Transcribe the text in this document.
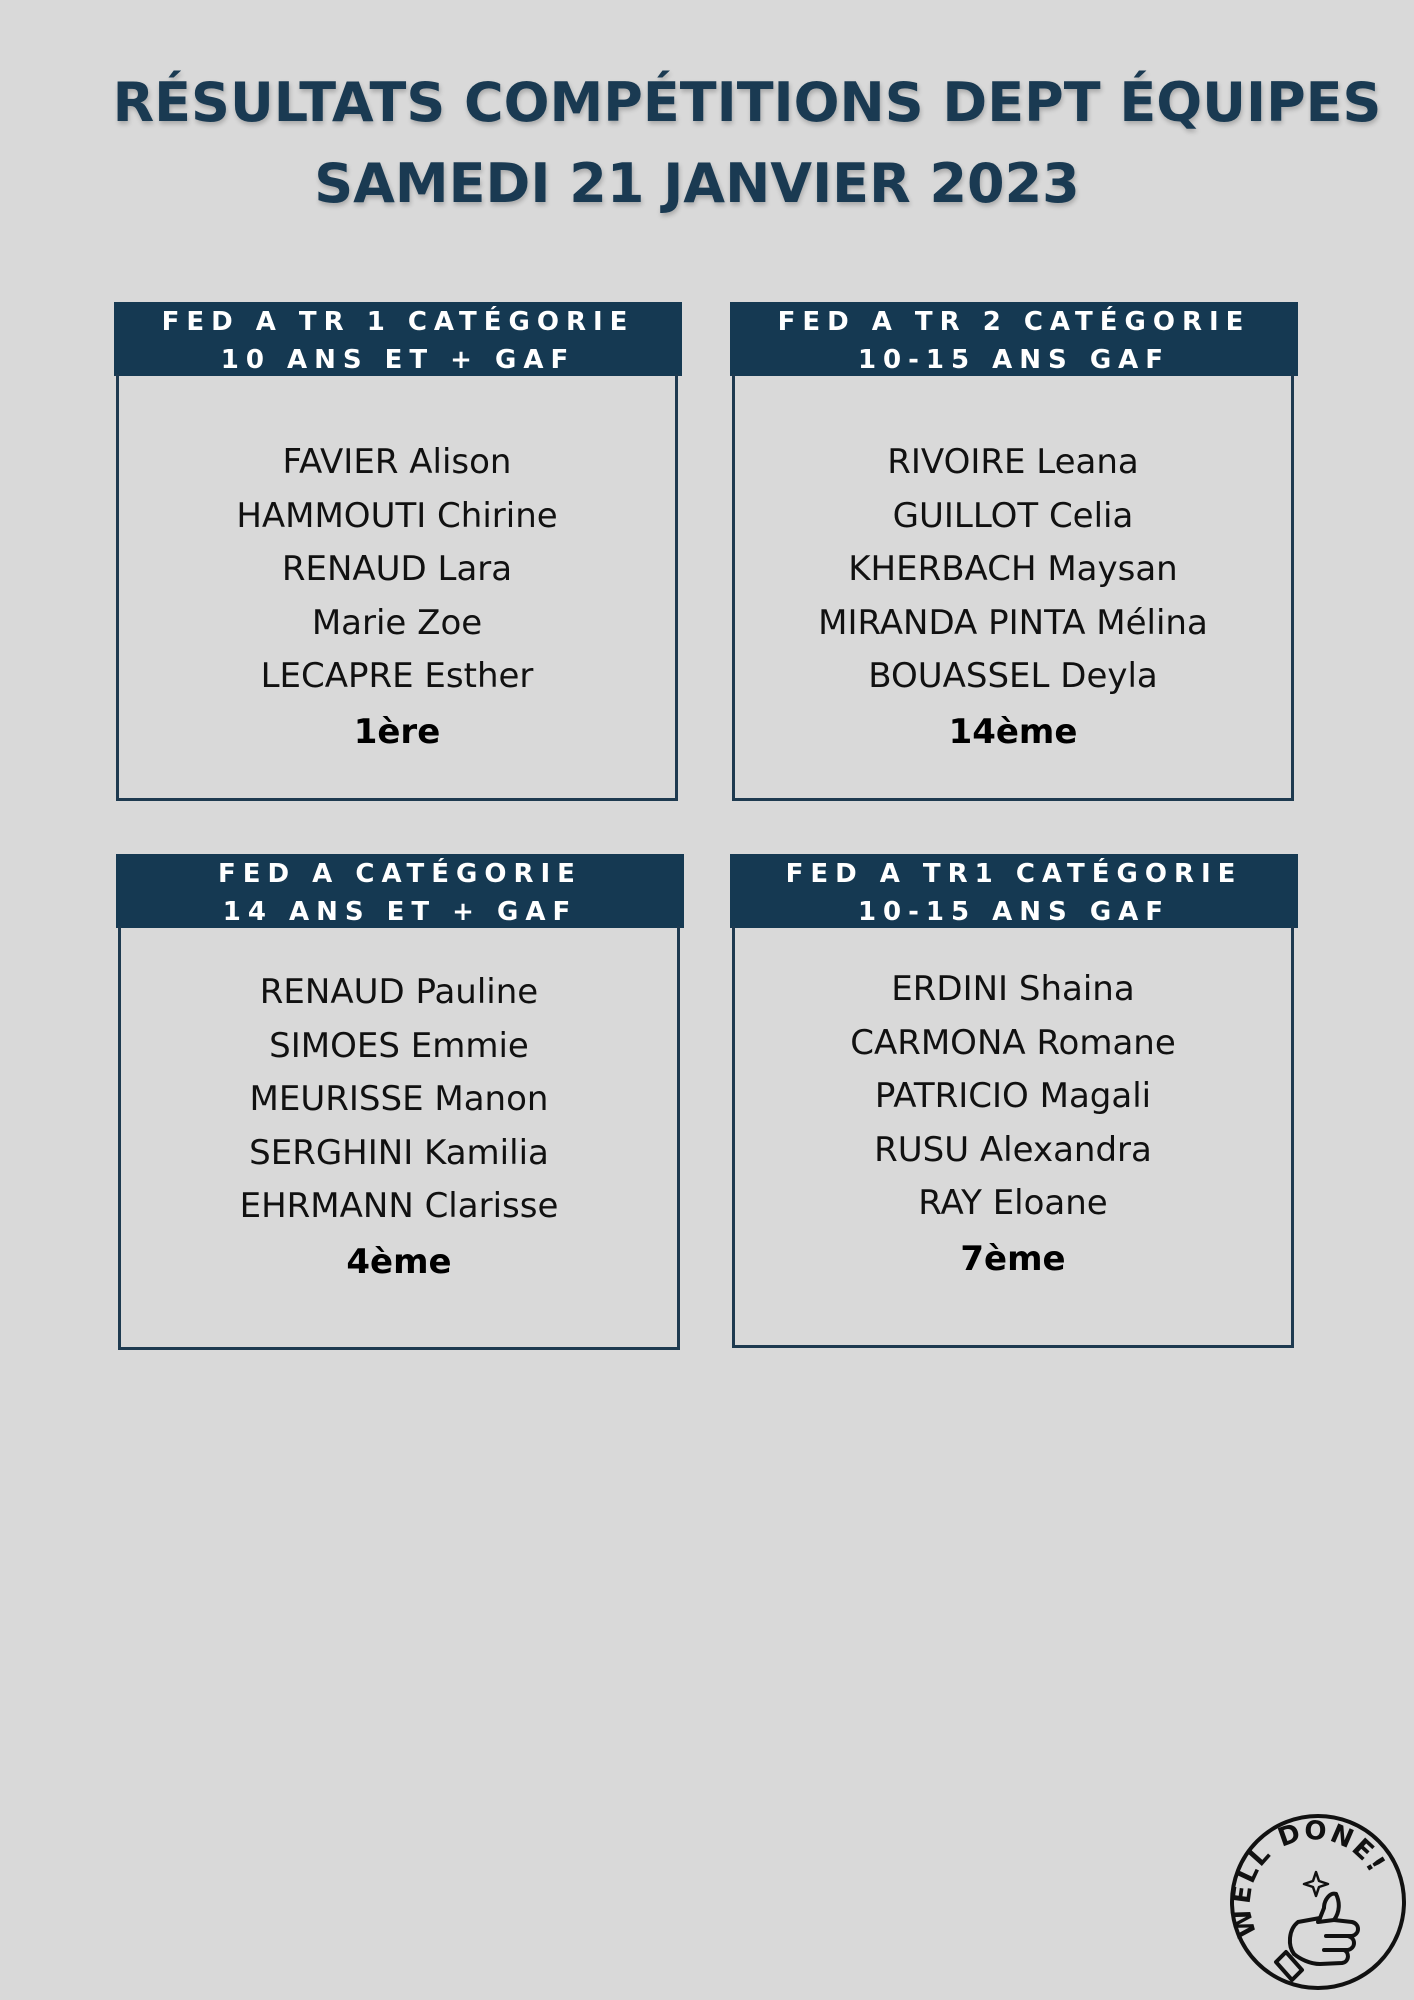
RÉSULTATS COMPÉTITIONS DEPT ÉQUIPES
SAMEDI 21 JANVIER 2023
FED A TR 1 CATÉGORIE
10 ANS ET + GAF
FAVIER Alison
HAMMOUTI Chirine
RENAUD Lara
Marie Zoe
LECAPRE Esther
1ère
FED A TR 2 CATÉGORIE
10-15 ANS GAF
RIVOIRE Leana
GUILLOT Celia
KHERBACH Maysan
MIRANDA PINTA Mélina
BOUASSEL Deyla
14ème
FED A CATÉGORIE
14 ANS ET + GAF
RENAUD Pauline
SIMOES Emmie
MEURISSE Manon
SERGHINI Kamilia
EHRMANN Clarisse
4ème
FED A TR1 CATÉGORIE
10-15 ANS GAF
ERDINI Shaina
CARMONA Romane
PATRICIO Magali
RUSU Alexandra
RAY Eloane
7ème
WELL DONE!
